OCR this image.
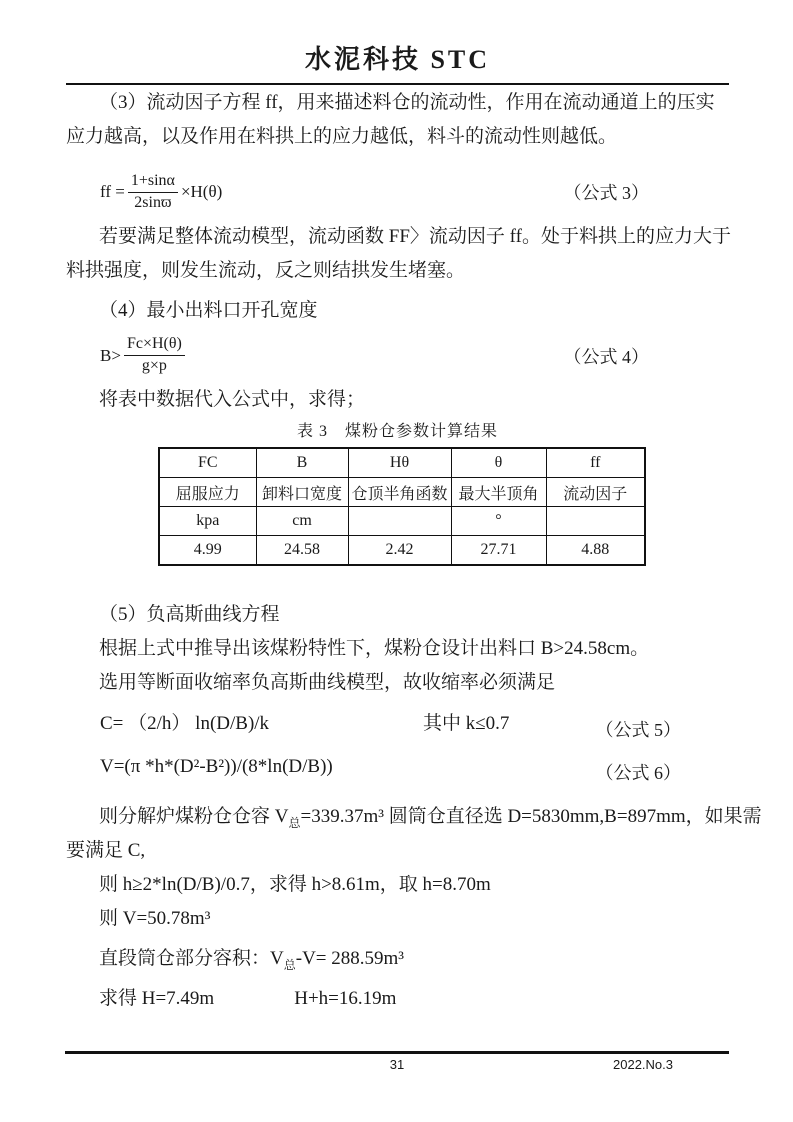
水泥科技 STC
（3）流动因子方程 ff，用来描述料仓的流动性，作用在流动通道上的压实
应力越高，以及作用在料拱上的应力越低，料斗的流动性则越低。
ff = $\frac{1+\sin\alpha}{2\sin ϖ} \times H(\theta)$	（公式 3）
若要满足整体流动模型，流动函数 FF〉流动因子 ff。处于料拱上的应力大于
料拱强度，则发生流动，反之则结拱发生堵塞。
（4）最小出料口开孔宽度
$B> \frac{Fc\times H(\theta)}{g\times p}$	（公式 4）
将表中数据代入公式中，求得；
表 3　煤粉仓参数计算结果
FC	B	Hθ	θ	ff
屈服应力	卸料口宽度	仓顶半角函数	最大半顶角	流动因子
kpa	cm		°	
4.99	24.58	2.42	27.71	4.88
（5）负高斯曲线方程
根据上式中推导出该煤粉特性下，煤粉仓设计出料口 B>24.58cm。
选用等断面收缩率负高斯曲线模型，故收缩率必须满足
C= （2/h） ln(D/B)/k	其中 k≤0.7	（公式 5）
V=(π *h*(D²-B²))/(8*ln(D/B))	（公式 6）
则分解炉煤粉仓仓容 $V_总=339.37m^3$ 圆筒仓直径选 D=5830mm,B=897mm，如果需
要满足 C,
则 h≥2*ln(D/B)/0.7，求得 h>8.61m，取 h=8.70m
则 V=50.78m³
直段筒仓部分容积：$V_总-V= 288.59m^3$
求得 H=7.49m	H+h=16.19m
31	2022.No.3
